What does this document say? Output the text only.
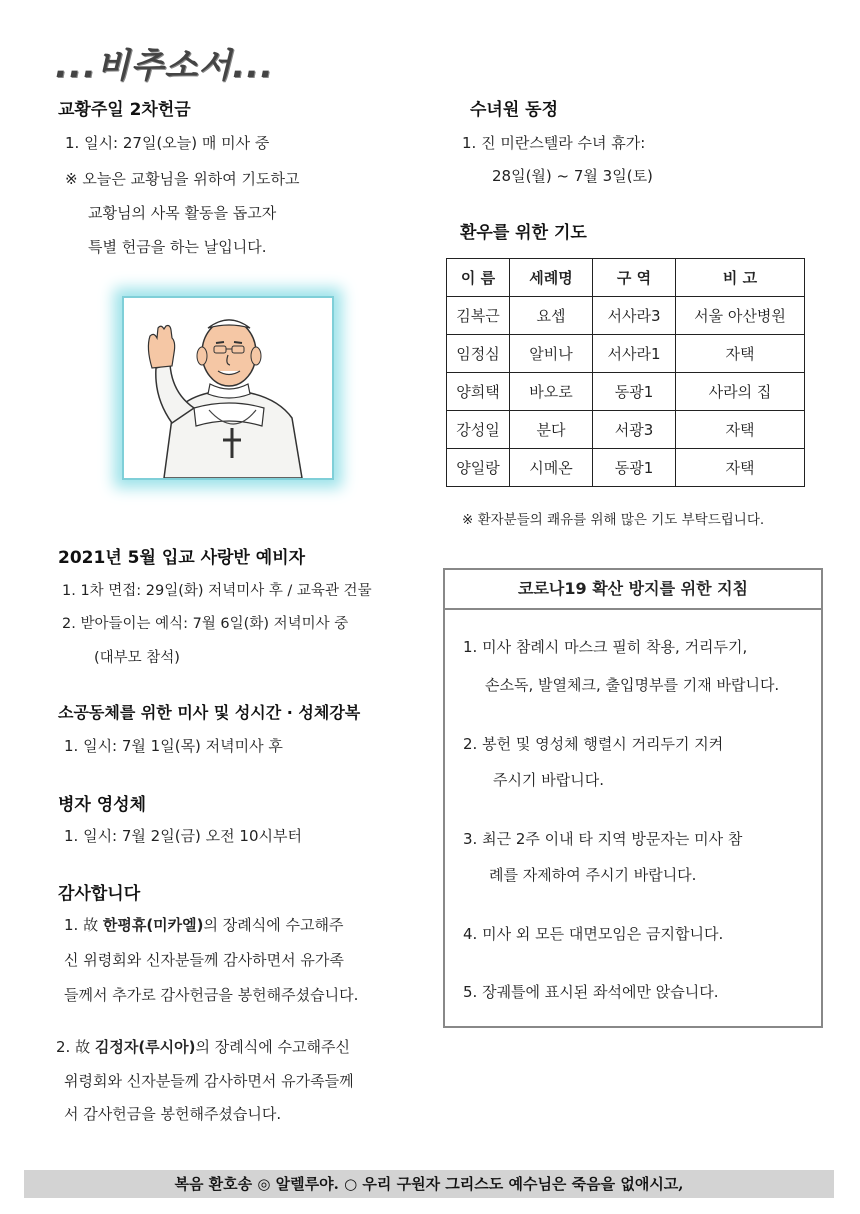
...비추소서...
교황주일 2차헌금
1. 일시: 27일(오늘) 매 미사 중
※ 오늘은 교황님을 위하여 기도하고
교황님의 사목 활동을 돕고자
특별 헌금을 하는 날입니다.
수녀원 동정
1. 진 미란스텔라 수녀 휴가:
28일(월) ~ 7월 3일(토)
환우를 위한 기도
이 름	세례명	구 역	비 고
김복근	요셉	서사라3	서울 아산병원
임정심	알비나	서사라1	자택
양희택	바오로	동광1	사라의 집
강성일	분다	서광3	자택
양일랑	시메온	동광1	자택
※ 환자분들의 쾌유를 위해 많은 기도 부탁드립니다.
2021년 5월 입교 사랑반 예비자
1. 1차 면접: 29일(화) 저녁미사 후 / 교육관 건물
2. 받아들이는 예식: 7월 6일(화) 저녁미사 중
(대부모 참석)
소공동체를 위한 미사 및 성시간 · 성체강복
1. 일시: 7월 1일(목) 저녁미사 후
병자 영성체
1. 일시: 7월 2일(금) 오전 10시부터
감사합니다
1. 故 한평휴(미카엘)의 장례식에 수고해주
신 위령회와 신자분들께 감사하면서 유가족
들께서 추가로 감사헌금을 봉헌해주셨습니다.
2. 故 김정자(루시아)의 장례식에 수고해주신
위령회와 신자분들께 감사하면서 유가족들께
서 감사헌금을 봉헌해주셨습니다.
코로나19 확산 방지를 위한 지침
1. 미사 참례시 마스크 필히 착용, 거리두기,
손소독, 발열체크, 출입명부를 기재 바랍니다.
2. 봉헌 및 영성체 행렬시 거리두기 지켜
주시기 바랍니다.
3. 최근 2주 이내 타 지역 방문자는 미사 참
례를 자제하여 주시기 바랍니다.
4. 미사 외 모든 대면모임은 금지합니다.
5. 장궤틀에 표시된 좌석에만 앉습니다.
복음 환호송 ◎ 알렐루야. ○ 우리 구원자 그리스도 예수님은 죽음을 없애시고,
